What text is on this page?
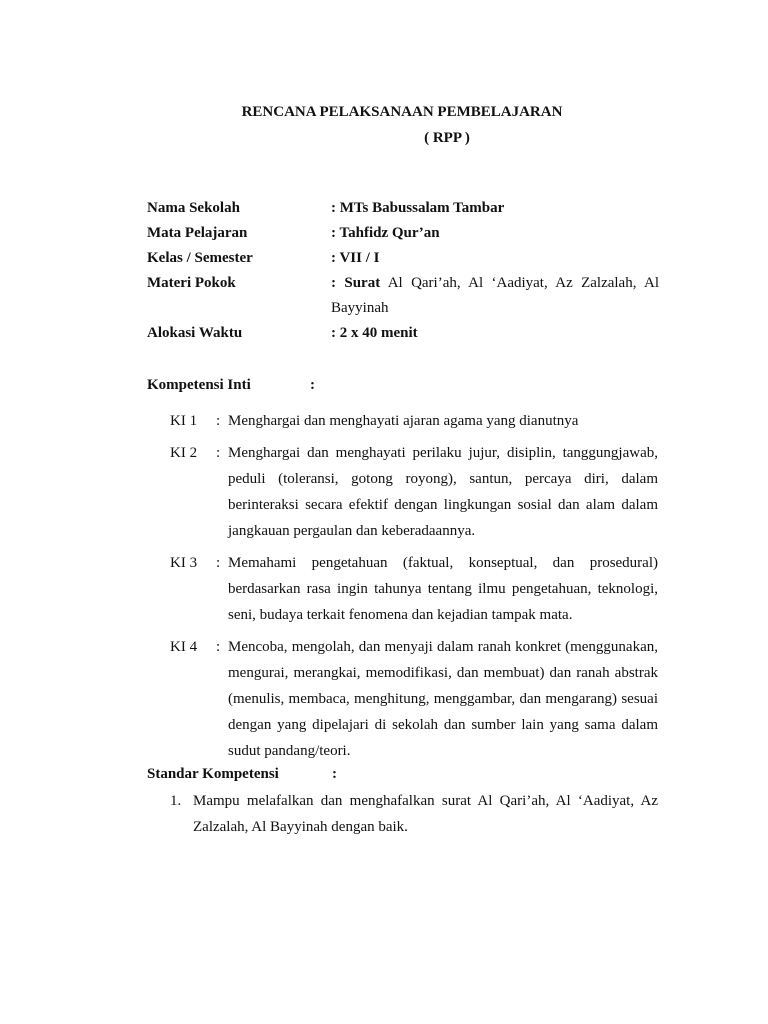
RENCANA PELAKSANAAN PEMBELAJARAN
( RPP )
Nama Sekolah	: MTs Babussalam Tambar
Mata Pelajaran	: Tahfidz Qur’an
Kelas / Semester	: VII / I
Materi Pokok	: Surat Al Qari’ah, Al ‘Aadiyat, Az Zalzalah, Al Bayyinah
Alokasi Waktu	: 2 x 40 menit
Kompetensi Inti	:
KI 1	: Menghargai dan menghayati ajaran agama yang dianutnya
KI 2	: Menghargai dan menghayati perilaku jujur, disiplin, tanggungjawab, peduli (toleransi, gotong royong), santun, percaya diri, dalam berinteraksi secara efektif dengan lingkungan sosial dan alam dalam jangkauan pergaulan dan keberadaannya.
KI 3	: Memahami pengetahuan (faktual, konseptual, dan prosedural) berdasarkan rasa ingin tahunya tentang ilmu pengetahuan, teknologi, seni, budaya terkait fenomena dan kejadian tampak mata.
KI 4	: Mencoba, mengolah, dan menyaji dalam ranah konkret (menggunakan, mengurai, merangkai, memodifikasi, dan membuat) dan ranah abstrak (menulis, membaca, menghitung, menggambar, dan mengarang) sesuai dengan yang dipelajari di sekolah dan sumber lain yang sama dalam sudut pandang/teori.
Standar Kompetensi	:
1. Mampu melafalkan dan menghafalkan surat Al Qari’ah, Al ‘Aadiyat, Az Zalzalah, Al Bayyinah dengan baik.
